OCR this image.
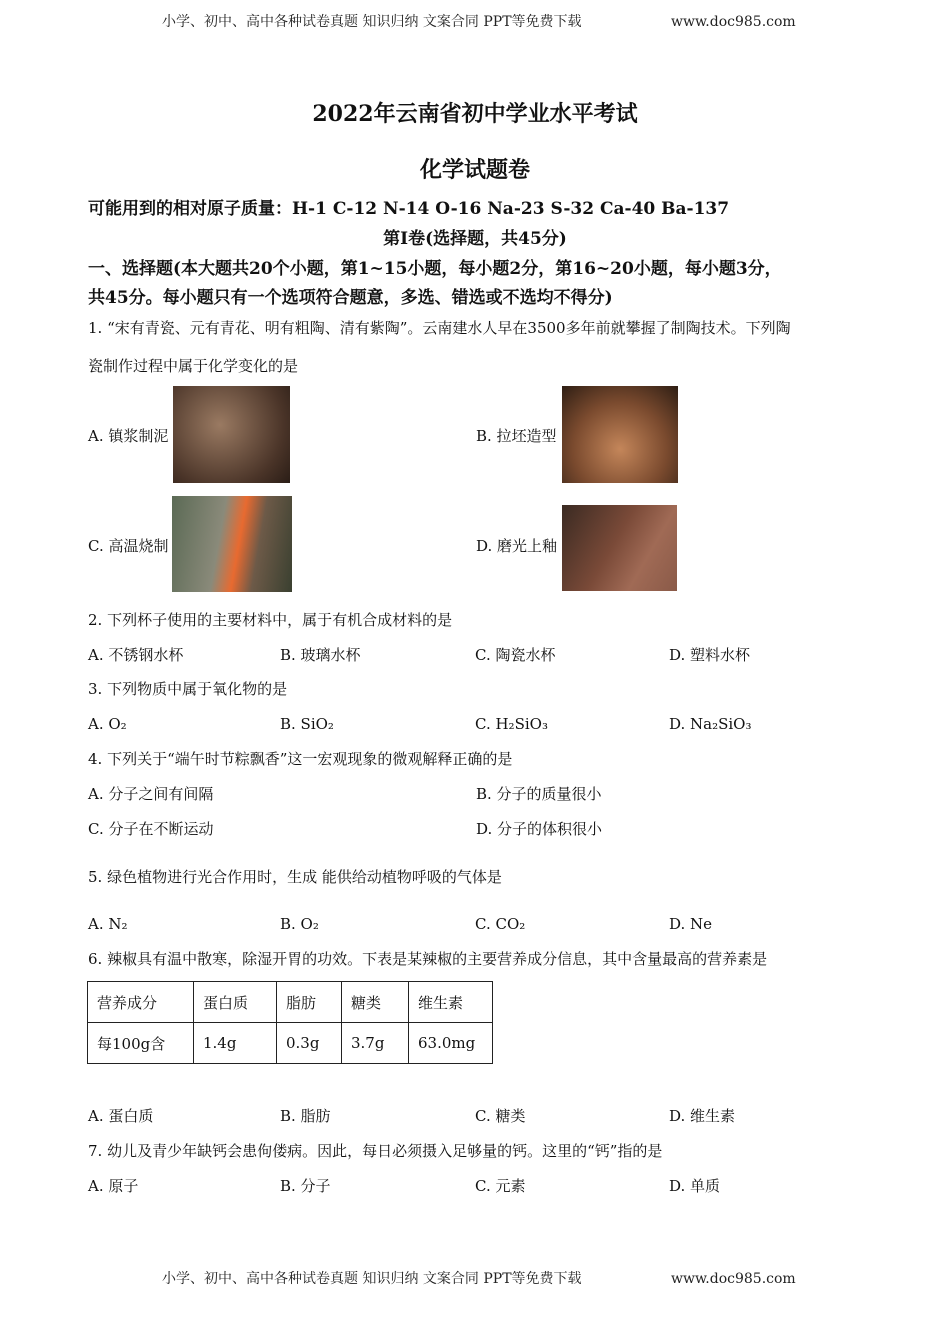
小学、初中、高中各种试卷真题 知识归纳 文案合同 PPT等免费下载	www.doc985.com
2022年云南省初中学业水平考试
化学试题卷
可能用到的相对原子质量：H-1 C-12 N-14 O-16 Na-23 S-32 Ca-40 Ba-137
第Ⅰ卷(选择题，共45分)
一、选择题(本大题共20个小题，第1~15小题，每小题2分，第16~20小题，每小题3分，
共45分。每小题只有一个选项符合题意，多选、错选或不选均不得分)
1. “宋有青瓷、元有青花、明有粗陶、清有紫陶”。云南建水人早在3500多年前就攀握了制陶技术。下列陶
瓷制作过程中属于化学变化的是
A. 镇浆制泥	B. 拉坯造型
C. 高温烧制	D. 磨光上釉
2. 下列杯子使用的主要材料中，属于有机合成材料的是
A. 不锈钢水杯	B. 玻璃水杯	C. 陶瓷水杯	D. 塑料水杯
3. 下列物质中属于氧化物的是
A. O₂	B. SiO₂	C. H₂SiO₃	D. Na₂SiO₃
4. 下列关于“端午时节粽飘香”这一宏观现象的微观解释正确的是
A. 分子之间有间隔	B. 分子的质量很小
C. 分子在不断运动	D. 分子的体积很小
5. 绿色植物进行光合作用时，生成 能供给动植物呼吸的气体是
A. N₂	B. O₂	C. CO₂	D. Ne
6. 辣椒具有温中散寒，除湿开胃的功效。下表是某辣椒的主要营养成分信息，其中含量最高的营养素是
营养成分	蛋白质	脂肪	糖类	维生素
每100g含	1.4g	0.3g	3.7g	63.0mg
A. 蛋白质	B. 脂肪	C. 糖类	D. 维生素
7. 幼儿及青少年缺钙会患佝偻病。因此，每日必须摄入足够量的钙。这里的“钙”指的是
A. 原子	B. 分子	C. 元素	D. 单质
小学、初中、高中各种试卷真题 知识归纳 文案合同 PPT等免费下载	www.doc985.com
